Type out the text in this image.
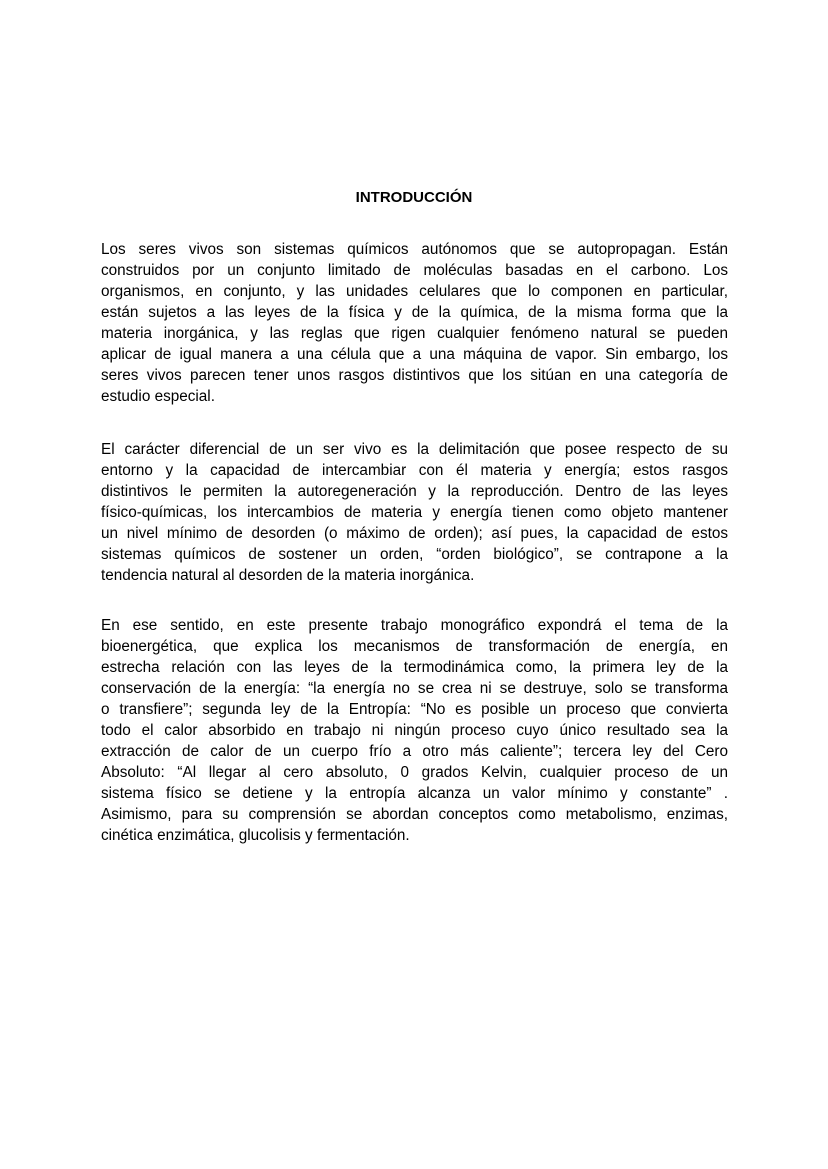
INTRODUCCIÓN
Los seres vivos son sistemas químicos autónomos que se autopropagan. Están
construidos por un conjunto limitado de moléculas basadas en el carbono. Los
organismos, en conjunto, y las unidades celulares que lo componen en particular,
están sujetos a las leyes de la física y de la química, de la misma forma que la
materia inorgánica, y las reglas que rigen cualquier fenómeno natural se pueden
aplicar de igual manera a una célula que a una máquina de vapor. Sin embargo, los
seres vivos parecen tener unos rasgos distintivos que los sitúan en una categoría de
estudio especial.
El carácter diferencial de un ser vivo es la delimitación que posee respecto de su
entorno y la capacidad de intercambiar con él materia y energía; estos rasgos
distintivos le permiten la autoregeneración y la reproducción. Dentro de las leyes
físico-químicas, los intercambios de materia y energía tienen como objeto mantener
un nivel mínimo de desorden (o máximo de orden); así pues, la capacidad de estos
sistemas químicos de sostener un orden, “orden biológico”, se contrapone a la
tendencia natural al desorden de la materia inorgánica.
En ese sentido, en este presente trabajo monográfico expondrá el tema de la
bioenergética, que explica los mecanismos de transformación de energía, en
estrecha relación con las leyes de la termodinámica como, la primera ley de la
conservación de la energía: “la energía no se crea ni se destruye, solo se transforma
o transfiere”; segunda ley de la Entropía: “No es posible un proceso que convierta
todo el calor absorbido en trabajo ni ningún proceso cuyo único resultado sea la
extracción de calor de un cuerpo frío a otro más caliente”; tercera ley del Cero
Absoluto: “Al llegar al cero absoluto, 0 grados Kelvin, cualquier proceso de un
sistema físico se detiene y la entropía alcanza un valor mínimo y constante” .
Asimismo, para su comprensión se abordan conceptos como metabolismo, enzimas,
cinética enzimática, glucolisis y fermentación.
